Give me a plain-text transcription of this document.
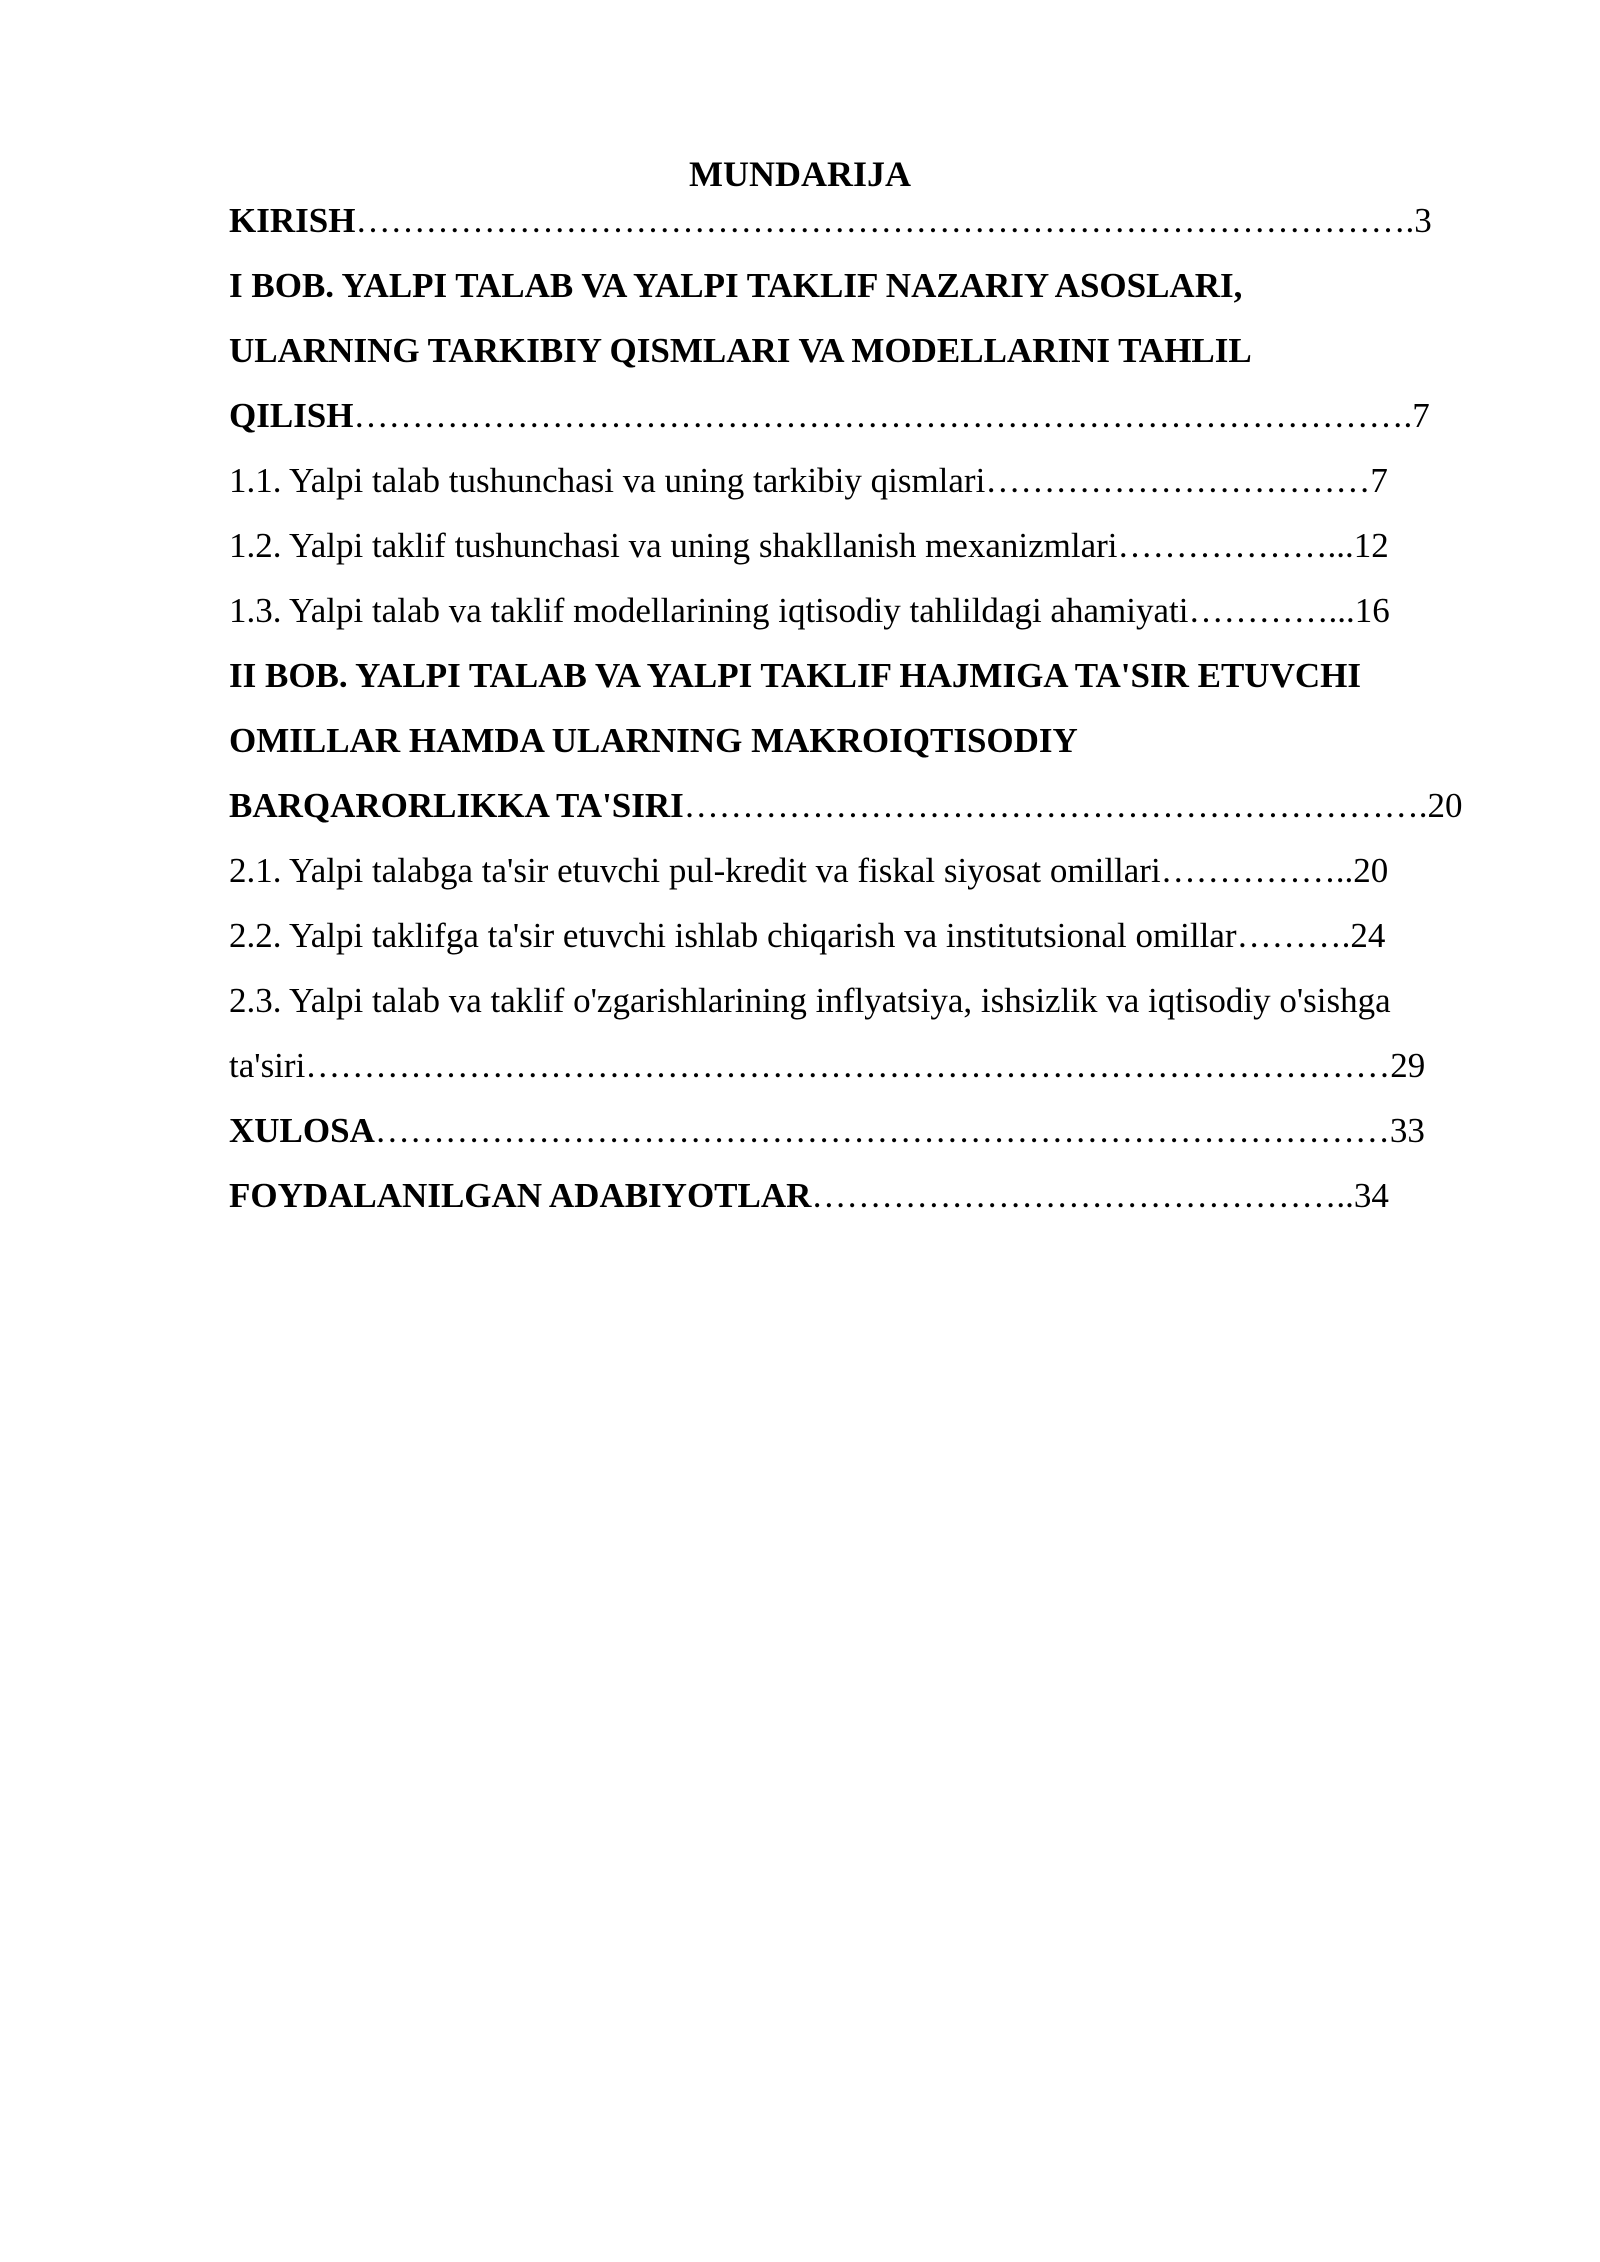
MUNDARIJA
KIRISH……………………………………………………………………………….3
I BOB. YALPI TALAB VA YALPI TAKLIF NAZARIY ASOSLARI,
ULARNING TARKIBIY QISMLARI VA MODELLARINI TAHLIL
QILISH……………………………………………………………………………….7
1.1. Yalpi talab tushunchasi va uning tarkibiy qismlari……………………………7
1.2. Yalpi taklif tushunchasi va uning shakllanish mexanizmlari………………...12
1.3. Yalpi talab va taklif modellarining iqtisodiy tahlildagi ahamiyati…………...16
II BOB. YALPI TALAB VA YALPI TAKLIF HAJMIGA TA'SIR ETUVCHI
OMILLAR HAMDA ULARNING MAKROIQTISODIY
BARQARORLIKKA TA'SIRI……………………………………………………….20
2.1. Yalpi talabga ta'sir etuvchi pul-kredit va fiskal siyosat omillari……………..20
2.2. Yalpi taklifga ta'sir etuvchi ishlab chiqarish va institutsional omillar……….24
2.3. Yalpi talab va taklif o'zgarishlarining inflyatsiya, ishsizlik va iqtisodiy o'sishga
ta'siri…………………………………………………………………………………29
XULOSA……………………………………………………………………………33
FOYDALANILGAN ADABIYOTLAR………………………………………..34
